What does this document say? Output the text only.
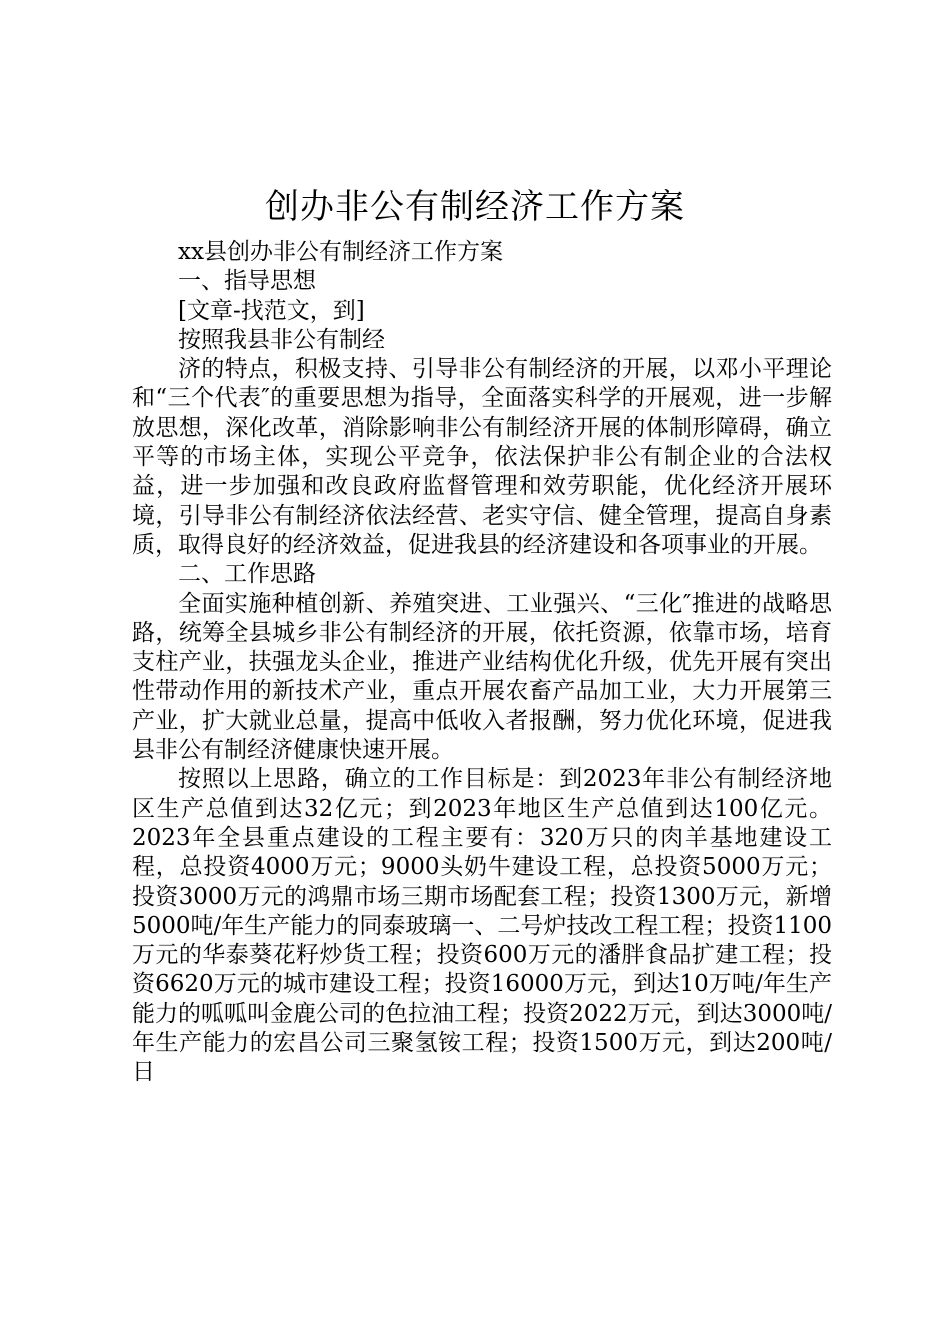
创办非公有制经济工作方案

xx县创办非公有制经济工作方案

一、指导思想

[文章-找范文，到]

按照我县非公有制经

济的特点，积极支持、引导非公有制经济的开展，以邓小平理论和“三个代表″的重要思想为指导，全面落实科学的开展观，进一步解放思想，深化改革，消除影响非公有制经济开展的体制形障碍，确立平等的市场主体，实现公平竞争，依法保护非公有制企业的合法权益，进一步加强和改良政府监督管理和效劳职能，优化经济开展环境，引导非公有制经济依法经营、老实守信、健全管理，提高自身素质，取得良好的经济效益，促进我县的经济建设和各项事业的开展。

二、工作思路

全面实施种植创新、养殖突进、工业强兴、“三化″推进的战略思路，统筹全县城乡非公有制经济的开展，依托资源，依靠市场，培育支柱产业，扶强龙头企业，推进产业结构优化升级，优先开展有突出性带动作用的新技术产业，重点开展农畜产品加工业，大力开展第三产业，扩大就业总量，提高中低收入者报酬，努力优化环境，促进我县非公有制经济健康快速开展。

按照以上思路，确立的工作目标是：到2023年非公有制经济地区生产总值到达32亿元；到2023年地区生产总值到达100亿元。2023年全县重点建设的工程主要有：320万只的肉羊基地建设工程，总投资4000万元；9000头奶牛建设工程，总投资5000万元；投资3000万元的鸿鼎市场三期市场配套工程；投资1300万元，新增5000吨/年生产能力的同泰玻璃一、二号炉技改工程工程；投资1100万元的华泰葵花籽炒货工程；投资600万元的潘胖食品扩建工程；投资6620万元的城市建设工程；投资16000万元，到达10万吨/年生产能力的呱呱叫金鹿公司的色拉油工程；投资2022万元，到达3000吨/年生产能力的宏昌公司三聚氢铵工程；投资1500万元，到达200吨/日
